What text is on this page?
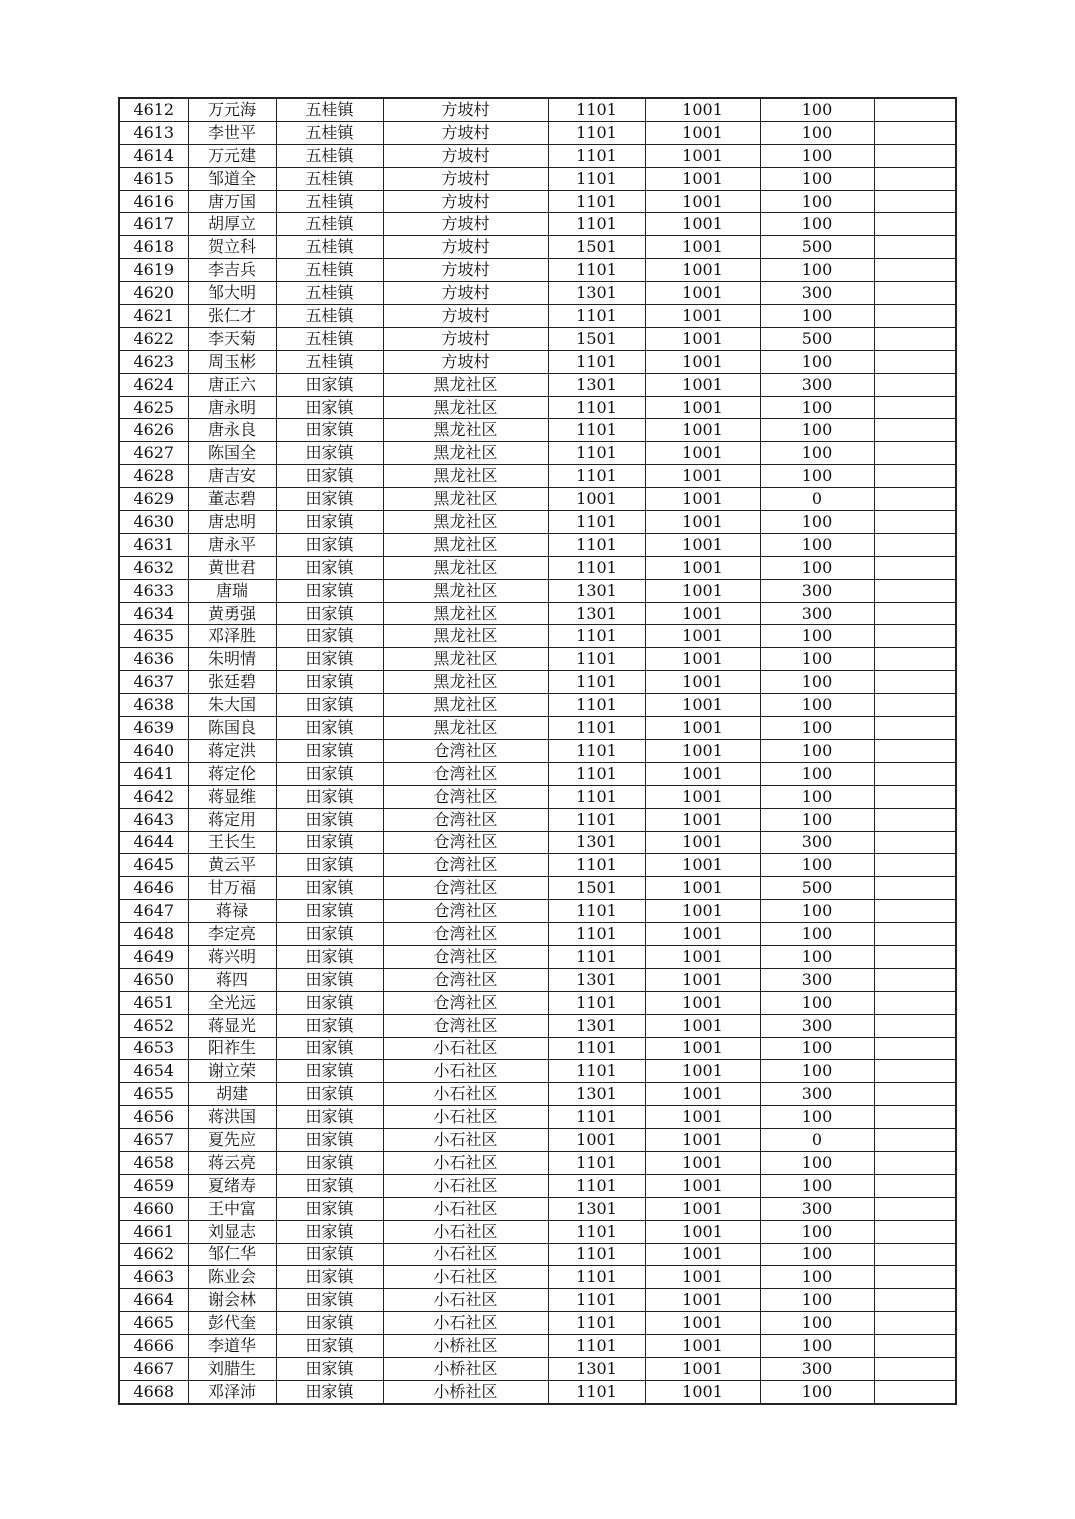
4612	万元海	五桂镇	方坡村	1101	1001	100	
4613	李世平	五桂镇	方坡村	1101	1001	100	
4614	万元建	五桂镇	方坡村	1101	1001	100	
4615	邹道全	五桂镇	方坡村	1101	1001	100	
4616	唐万国	五桂镇	方坡村	1101	1001	100	
4617	胡厚立	五桂镇	方坡村	1101	1001	100	
4618	贺立科	五桂镇	方坡村	1501	1001	500	
4619	李吉兵	五桂镇	方坡村	1101	1001	100	
4620	邹大明	五桂镇	方坡村	1301	1001	300	
4621	张仁才	五桂镇	方坡村	1101	1001	100	
4622	李天菊	五桂镇	方坡村	1501	1001	500	
4623	周玉彬	五桂镇	方坡村	1101	1001	100	
4624	唐正六	田家镇	黑龙社区	1301	1001	300	
4625	唐永明	田家镇	黑龙社区	1101	1001	100	
4626	唐永良	田家镇	黑龙社区	1101	1001	100	
4627	陈国全	田家镇	黑龙社区	1101	1001	100	
4628	唐吉安	田家镇	黑龙社区	1101	1001	100	
4629	董志碧	田家镇	黑龙社区	1001	1001	0	
4630	唐忠明	田家镇	黑龙社区	1101	1001	100	
4631	唐永平	田家镇	黑龙社区	1101	1001	100	
4632	黄世君	田家镇	黑龙社区	1101	1001	100	
4633	唐瑞	田家镇	黑龙社区	1301	1001	300	
4634	黄勇强	田家镇	黑龙社区	1301	1001	300	
4635	邓泽胜	田家镇	黑龙社区	1101	1001	100	
4636	朱明情	田家镇	黑龙社区	1101	1001	100	
4637	张廷碧	田家镇	黑龙社区	1101	1001	100	
4638	朱大国	田家镇	黑龙社区	1101	1001	100	
4639	陈国良	田家镇	黑龙社区	1101	1001	100	
4640	蒋定洪	田家镇	仓湾社区	1101	1001	100	
4641	蒋定伦	田家镇	仓湾社区	1101	1001	100	
4642	蒋显维	田家镇	仓湾社区	1101	1001	100	
4643	蒋定用	田家镇	仓湾社区	1101	1001	100	
4644	王长生	田家镇	仓湾社区	1301	1001	300	
4645	黄云平	田家镇	仓湾社区	1101	1001	100	
4646	甘万福	田家镇	仓湾社区	1501	1001	500	
4647	蒋禄	田家镇	仓湾社区	1101	1001	100	
4648	李定亮	田家镇	仓湾社区	1101	1001	100	
4649	蒋兴明	田家镇	仓湾社区	1101	1001	100	
4650	蒋四	田家镇	仓湾社区	1301	1001	300	
4651	全光远	田家镇	仓湾社区	1101	1001	100	
4652	蒋显光	田家镇	仓湾社区	1301	1001	300	
4653	阳祚生	田家镇	小石社区	1101	1001	100	
4654	谢立荣	田家镇	小石社区	1101	1001	100	
4655	胡建	田家镇	小石社区	1301	1001	300	
4656	蒋洪国	田家镇	小石社区	1101	1001	100	
4657	夏先应	田家镇	小石社区	1001	1001	0	
4658	蒋云亮	田家镇	小石社区	1101	1001	100	
4659	夏绪寿	田家镇	小石社区	1101	1001	100	
4660	王中富	田家镇	小石社区	1301	1001	300	
4661	刘显志	田家镇	小石社区	1101	1001	100	
4662	邹仁华	田家镇	小石社区	1101	1001	100	
4663	陈业会	田家镇	小石社区	1101	1001	100	
4664	谢会林	田家镇	小石社区	1101	1001	100	
4665	彭代奎	田家镇	小石社区	1101	1001	100	
4666	李道华	田家镇	小桥社区	1101	1001	100	
4667	刘腊生	田家镇	小桥社区	1301	1001	300	
4668	邓泽沛	田家镇	小桥社区	1101	1001	100	
